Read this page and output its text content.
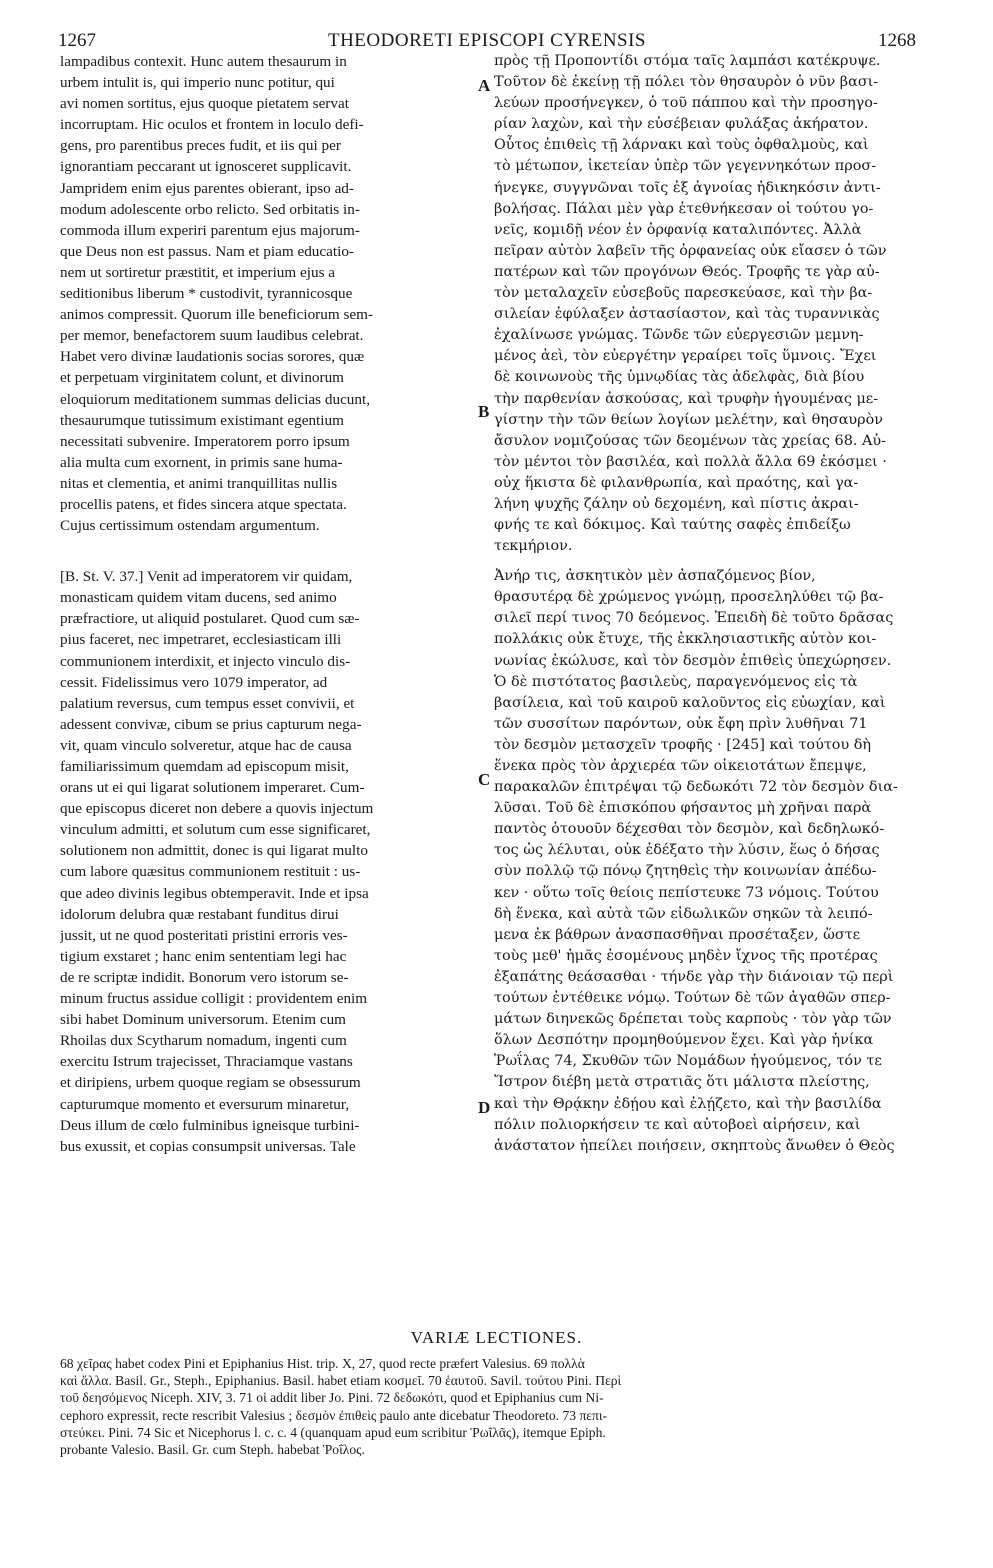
1267	THEODORETI EPISCOPI CYRENSIS	1268
lampadibus contexit. Hunc autem thesaurum in
urbem intulit is, qui imperio nunc potitur, qui
avi nomen sortitus, ejus quoque pietatem servat
incorruptam. Hic oculos et frontem in loculo defi-
gens, pro parentibus preces fudit, et iis qui per
ignorantiam peccarant ut ignosceret supplicavit.
Jampridem enim ejus parentes obierant, ipso ad-
modum adolescente orbo relicto. Sed orbitatis in-
commoda illum experiri parentum ejus majorum-
que Deus non est passus. Nam et piam educatio-
nem ut sortiretur præstitit, et imperium ejus a
seditionibus liberum * custodivit, tyrannicosque
animos compressit. Quorum ille beneficiorum sem-
per memor, benefactorem suum laudibus celebrat.
Habet vero divinæ laudationis socias sorores, quæ
et perpetuam virginitatem colunt, et divinorum
eloquiorum meditationem summas delicias ducunt,
thesaurumque tutissimum existimant egentium
necessitati subvenire. Imperatorem porro ipsum
alia multa cum exornent, in primis sane huma-
nitas et clementia, et animi tranquillitas nullis
procellis patens, et fides sincera atque spectata.
Cujus certissimum ostendam argumentum.
[B. St. V. 37.] Venit ad imperatorem vir quidam,
monasticam quidem vitam ducens, sed animo
præfractiore, ut aliquid postularet. Quod cum sæ-
pius faceret, nec impetraret, ecclesiasticam illi
communionem interdixit, et injecto vinculo dis-
cessit. Fidelissimus vero 1079 imperator, ad
palatium reversus, cum tempus esset convivii, et
adessent convivæ, cibum se prius capturum nega-
vit, quam vinculo solveretur, atque hac de causa
familiarissimum quemdam ad episcopum misit,
orans ut ei qui ligarat solutionem imperaret. Cum-
que episcopus diceret non debere a quovis injectum
vinculum admitti, et solutum cum esse significaret,
solutionem non admittit, donec is qui ligarat multo
cum labore quæsitus communionem restituit : us-
que adeo divinis legibus obtemperavit. Inde et ipsa
idolorum delubra quæ restabant funditus dirui
jussit, ut ne quod posteritati pristini erroris ves-
tigium exstaret ; hanc enim sententiam legi hac
de re scriptæ indidit. Bonorum vero istorum se-
minum fructus assidue colligit : providentem enim
sibi habet Dominum universorum. Etenim cum
Rhoilas dux Scytharum nomadum, ingenti cum
exercitu Istrum trajecisset, Thraciamque vastans
et diripiens, urbem quoque regiam se obsessurum
capturumque momento et eversurum minaretur,
Deus illum de cœlo fulminibus igneisque turbini-
bus exussit, et copias consumpsit universas. Tale
πρὸς τῇ Προποντίδι στόμα ταῖς λαμπάσι κατέκρυψε.
Τοῦτον δὲ ἐκείνῃ τῇ πόλει τὸν θησαυρὸν ὁ νῦν βασι-
λεύων προσήνεγκεν, ὁ τοῦ πάππου καὶ τὴν προσηγο-
ρίαν λαχὼν, καὶ τὴν εὐσέβειαν φυλάξας ἀκήρατον.
Οὗτος ἐπιθεὶς τῇ λάρνακι καὶ τοὺς ὀφθαλμοὺς, καὶ
τὸ μέτωπον, ἱκετείαν ὑπὲρ τῶν γεγεννηκότων προσ-
ήνεγκε, συγγνῶναι τοῖς ἐξ ἀγνοίας ἠδικηκόσιν ἀντι-
βολήσας. Πάλαι μὲν γὰρ ἐτεθνήκεσαν οἱ τούτου γο-
νεῖς, κομιδῇ νέον ἐν ὀρφανίᾳ καταλιπόντες. Ἀλλὰ
πεῖραν αὐτὸν λαβεῖν τῆς ὀρφανείας οὐκ εἴασεν ὁ τῶν
πατέρων καὶ τῶν προγόνων Θεός. Τροφῆς τε γὰρ αὐ-
τὸν μεταλαχεῖν εὐσεβοῦς παρεσκεύασε, καὶ τὴν βα-
σιλείαν ἐφύλαξεν ἀστασίαστον, καὶ τὰς τυραννικὰς
ἐχαλίνωσε γνώμας. Τῶνδε τῶν εὐεργεσιῶν μεμνη-
μένος ἀεὶ, τὸν εὐεργέτην γεραίρει τοῖς ὕμνοις. Ἔχει
δὲ κοινωνοὺς τῆς ὑμνῳδίας τὰς ἀδελφὰς, διὰ βίου
τὴν παρθενίαν ἀσκούσας, καὶ τρυφὴν ἡγουμένας με-
γίστην τὴν τῶν θείων λογίων μελέτην, καὶ θησαυρὸν
ἄσυλον νομιζούσας τῶν δεομένων τὰς χρείας 68. Αὐ-
τὸν μέντοι τὸν βασιλέα, καὶ πολλὰ ἄλλα 69 ἐκόσμει ·
οὐχ ἥκιστα δὲ φιλανθρωπία, καὶ πραότης, καὶ γα-
λήνη ψυχῆς ζάλην οὐ δεχομένη, καὶ πίστις ἀκραι-
φνής τε καὶ δόκιμος. Καὶ ταύτης σαφὲς ἐπιδείξω
τεκμήριον.
Ἀνήρ τις, ἀσκητικὸν μὲν ἀσπαζόμενος βίον,
θρασυτέρᾳ δὲ χρώμενος γνώμῃ, προσεληλύθει τῷ βα-
σιλεῖ περί τινος 70 δεόμενος. Ἐπειδὴ δὲ τοῦτο δρᾶσας
πολλάκις οὐκ ἔτυχε, τῆς ἐκκλησιαστικῆς αὐτὸν κοι-
νωνίας ἐκώλυσε, καὶ τὸν δεσμὸν ἐπιθεὶς ὑπεχώρησεν.
Ὁ δὲ πιστότατος βασιλεὺς, παραγενόμενος εἰς τὰ
βασίλεια, καὶ τοῦ καιροῦ καλοῦντος εἰς εὐωχίαν, καὶ
τῶν συσσίτων παρόντων, οὐκ ἔφη πρὶν λυθῆναι 71
τὸν δεσμὸν μετασχεῖν τροφῆς · [245] καὶ τούτου δὴ
ἕνεκα πρὸς τὸν ἀρχιερέα τῶν οἰκειοτάτων ἔπεμψε,
παρακαλῶν ἐπιτρέψαι τῷ δεδωκότι 72 τὸν δεσμὸν δια-
λῦσαι. Τοῦ δὲ ἐπισκόπου φήσαντος μὴ χρῆναι παρὰ
παντὸς ὁτουοῦν δέχεσθαι τὸν δεσμὸν, καὶ δεδηλωκό-
τος ὡς λέλυται, οὐκ ἐδέξατο τὴν λύσιν, ἕως ὁ δήσας
σὺν πολλῷ τῷ πόνῳ ζητηθεὶς τὴν κοινωνίαν ἀπέδω-
κεν · οὕτω τοῖς θείοις πεπίστευκε 73 νόμοις. Τούτου
δὴ ἕνεκα, καὶ αὐτὰ τῶν εἰδωλικῶν σηκῶν τὰ λειπό-
μενα ἐκ βάθρων ἀνασπασθῆναι προσέταξεν, ὥστε
τοὺς μεθ' ἡμᾶς ἐσομένους μηδὲν ἴχνος τῆς προτέρας
ἐξαπάτης θεάσασθαι · τήνδε γὰρ τὴν διάνοιαν τῷ περὶ
τούτων ἐντέθεικε νόμῳ. Τούτων δὲ τῶν ἀγαθῶν σπερ-
μάτων διηνεκῶς δρέπεται τοὺς καρποὺς · τὸν γὰρ τῶν
ὅλων Δεσπότην προμηθούμενον ἔχει. Καὶ γὰρ ἡνίκα
Ῥωΐλας 74, Σκυθῶν τῶν Νομάδων ἡγούμενος, τόν τε
Ἴστρον διέβη μετὰ στρατιᾶς ὅτι μάλιστα πλείστης,
καὶ τὴν Θρᾴκην ἐδῄου καὶ ἐλῄζετο, καὶ τὴν βασιλίδα
πόλιν πολιορκήσειν τε καὶ αὐτοβοεὶ αἱρήσειν, καὶ
ἀνάστατον ἠπείλει ποιήσειν, σκηπτοὺς ἄνωθεν ὁ Θεὸς
A
B
C
D
VARIÆ LECTIONES.
68 χεῖρας habet codex Pini et Epiphanius Hist. trip. X, 27, quod recte præfert Valesius. 69 πολλὰ
καὶ ἄλλα. Basil. Gr., Steph., Epiphanius. Basil. habet etiam κοσμεῖ. 70 ἑαυτοῦ. Savil. τούτου Pini. Περὶ
τοῦ δεησόμενος Niceph. XIV, 3. 71 οἱ addit liber Jo. Pini. 72 δεδωκότι, quod et Epiphanius cum Ni-
cephoro expressit, recte rescribit Valesius ; δεσμὸν ἐπιθεὶς paulo ante dicebatur Theodoreto. 73 πεπι-
στεύκει. Pini. 74 Sic et Nicephorus l. c. c. 4 (quanquam apud eum scribitur Ῥωΐλᾶς), itemque Epiph.
probante Valesio. Basil. Gr. cum Steph. habebat Ῥοΐλος.
